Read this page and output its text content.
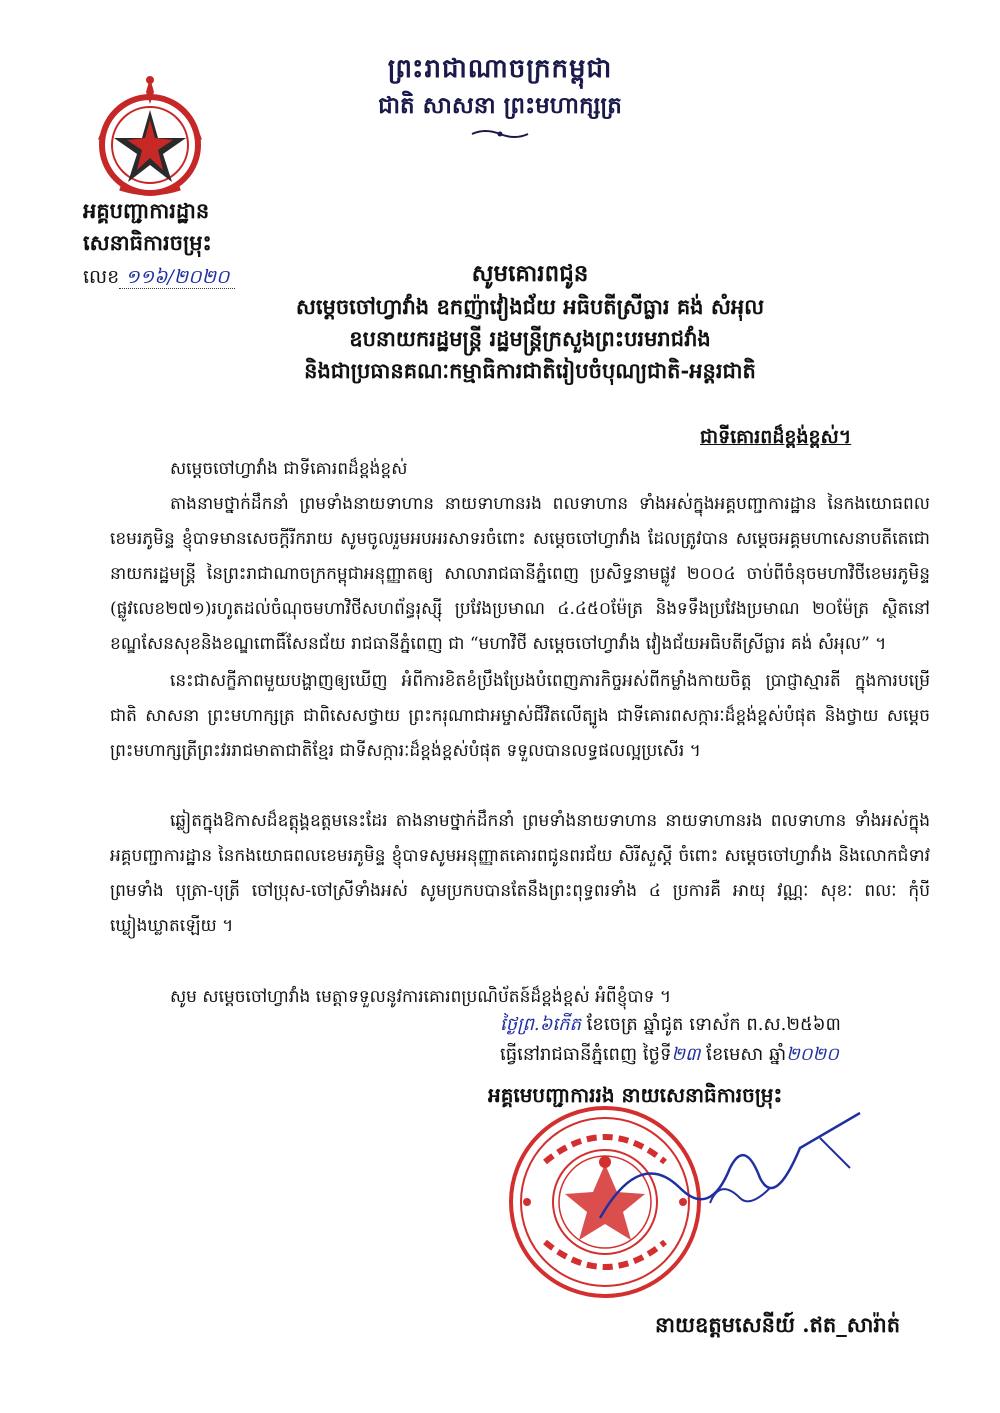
ព្រះរាជាណាចក្រកម្ពុជា
ជាតិ សាសនា ព្រះមហាក្សត្រ
អគ្គបញ្ជាការដ្ឋាន
សេនាធិការចម្រុះ
លេខ ១១៦/២០២០	សូមគោរពជូន
សម្តេចចៅហ្វាវាំង ឧកញ៉ាវៀងជ័យ អធិបតីស្រីធ្លារ គង់ សំអុល
ឧបនាយករដ្ឋមន្ត្រី រដ្ឋមន្ត្រីក្រសួងព្រះបរមរាជវាំង
និងជាប្រធានគណៈកម្មាធិការជាតិរៀបចំបុណ្យជាតិ-អន្តរជាតិ
ជាទីគោរពដ៏ខ្ពង់ខ្ពស់។
សម្តេចចៅហ្វាវាំង ជាទីគោរពដ៏ខ្ពង់ខ្ពស់
តាងនាមថ្នាក់ដឹកនាំ ព្រមទាំងនាយទាហាន នាយទាហានរង ពលទាហាន ទាំងអស់ក្នុងអគ្គបញ្ជាការដ្ឋាន នៃកងយោធពលខេមរភូមិន្ទ ខ្ញុំបាទមានសេចក្តីរីករាយ សូមចូលរួមអបអរសាទរចំពោះ សម្តេចចៅហ្វាវាំង ដែលត្រូវបាន សម្តេចអគ្គមហាសេនាបតីតេជោ នាយករដ្ឋមន្ត្រី នៃព្រះរាជាណាចក្រកម្ពុជាអនុញ្ញាតឲ្យ សាលារាជធានីភ្នំពេញ ប្រសិទ្ធនាមផ្លូវ ២០០៤ ចាប់ពីចំនុចមហាវិថីខេមរភូមិន្ទ (ផ្លូវលេខ២៧១)រហូតដល់ចំណុចមហាវិថីសហព័ន្ធរុស្ស៊ី ប្រវែងប្រមាណ ៤.៤៥០ម៉ែត្រ និងទទឹងប្រវែងប្រមាណ ២០ម៉ែត្រ ស្ថិតនៅខណ្ឌសែនសុខនិងខណ្ឌពោធិ៍សែនជ័យ រាជធានីភ្នំពេញ ជា “មហាវិថី សម្តេចចៅហ្វាវាំង វៀងជ័យអធិបតីស្រីធ្លារ គង់ សំអុល” ។
នេះជាសក្ខីភាពមួយបង្ហាញឲ្យឃើញ អំពីការខិតខំប្រឹងប្រែងបំពេញភារកិច្ចអស់ពីកម្លាំងកាយចិត្ត ប្រាជ្ញាស្មារតី ក្នុងការបម្រើ ជាតិ សាសនា ព្រះមហាក្សត្រ ជាពិសេសថ្វាយ ព្រះករុណាជាអម្ចាស់ជីវិតលើត្បូង ជាទីគោរពសក្ការៈដ៏ខ្ពង់ខ្ពស់បំផុត និងថ្វាយ សម្តេចព្រះមហាក្សត្រីព្រះវររាជមាតាជាតិខ្មែរ ជាទីសក្ការៈដ៏ខ្ពង់ខ្ពស់បំផុត ទទួលបានលទ្ធផលល្អប្រសើរ ។
ឆ្លៀតក្នុងឱកាសដ៏ឧត្តុង្គឧត្តមនេះដែរ តាងនាមថ្នាក់ដឹកនាំ ព្រមទាំងនាយទាហាន នាយទាហានរង ពលទាហាន ទាំងអស់ក្នុងអគ្គបញ្ជាការដ្ឋាន នៃកងយោធពលខេមរភូមិន្ទ ខ្ញុំបាទសូមអនុញ្ញាតគោរពជូនពរជ័យ សិរីសួស្តី ចំពោះ សម្តេចចៅហ្វាវាំង និងលោកជំទាវ ព្រមទាំង បុត្រា-បុត្រី ចៅប្រុស-ចៅស្រីទាំងអស់ សូមប្រកបបានតែនឹងព្រះពុទ្ធពរទាំង ៤ ប្រការគឺ អាយុ វណ្ណៈ សុខៈ ពលៈ កុំបីឃ្លៀងឃ្លាតឡើយ ។
សូម សម្តេចចៅហ្វាវាំង មេត្តាទទួលនូវការគោរពប្រណិប័តន៍ដ៏ខ្ពង់ខ្ពស់ អំពីខ្ញុំបាទ ។
ថ្ងៃព្រ.៦កើត ខែចេត្រ ឆ្នាំជូត ទោស័ក ព.ស.២៥៦៣
ធ្វើនៅរាជធានីភ្នំពេញ ថ្ងៃទី២៣ ខែមេសា ឆ្នាំ២០២០
អគ្គមេបញ្ជាការរង នាយសេនាធិការចម្រុះ
នាយឧត្តមសេនីយ៍ .ឥត_សារ៉ាត់
